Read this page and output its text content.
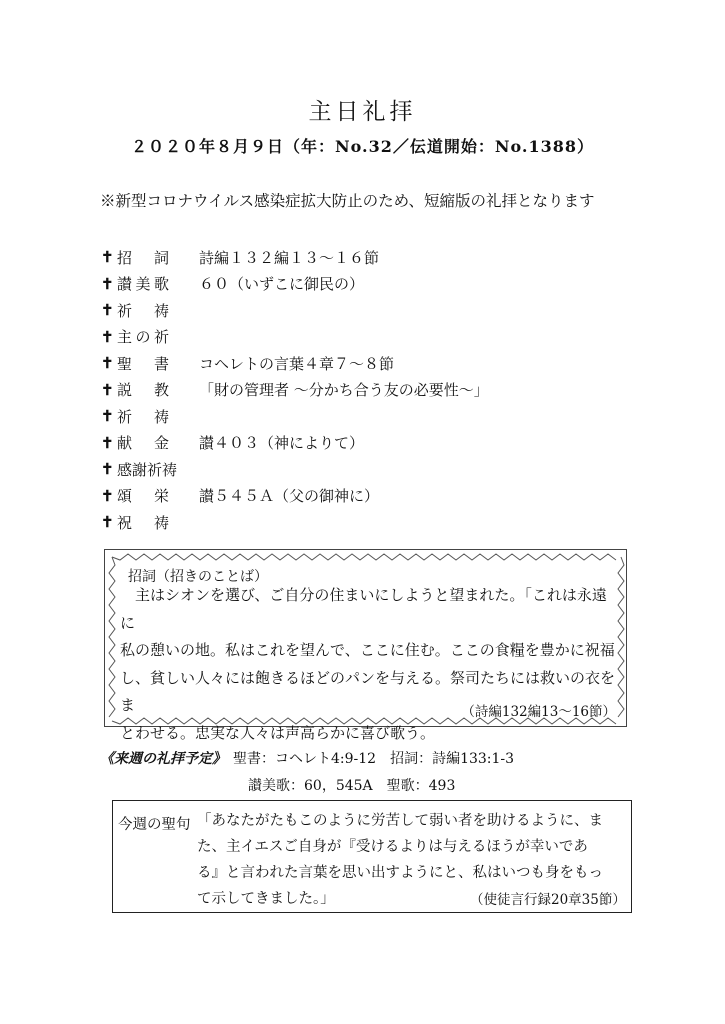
主日礼拝
２０２０年８月９日（年：No.32／伝道開始：No.1388）
※新型コロナウイルス感染症拡大防止のため、短縮版の礼拝となります
✝ 招 詞 詩編１３２編１３～１６節
✝ 讃 美 歌 ６０（いずこに御民の）
✝ 祈 祷
✝ 主 の 祈
✝ 聖 書 コヘレトの言葉４章７～８節
✝ 説 教 「財の管理者 ～分かち合う友の必要性～」
✝ 祈 祷
✝ 献 金 讃４０３（神によりて）
✝ 感 謝 祈 祷
✝ 頌 栄 讃５４５Ａ（父の御神に）
✝ 祝 祷
招詞（招きのことば）

　主はシオンを選び、ご自分の住まいにしようと望まれた。「これは永遠に

私の憩いの地。私はこれを望んで、ここに住む。ここの食糧を豊かに祝福

し、貧しい人々には飽きるほどのパンを与える。祭司たちには救いの衣をま

とわせる。忠実な人々は声高らかに喜び歌う。

（詩編132編13～16節）
《来週の礼拝予定》　 聖書：コヘレト4:9-12　招詞：詩編133:1-3
讃美歌：60，545A　聖歌：493
今週の聖句 「あなたがたもこのように労苦して弱い者を助けるように、ま
た、主イエスご自身が『受けるよりは与えるほうが幸いであ
る』と言われた言葉を思い出すようにと、私はいつも身をもっ
て示してきました。」	（使徒言行録20章35節）
